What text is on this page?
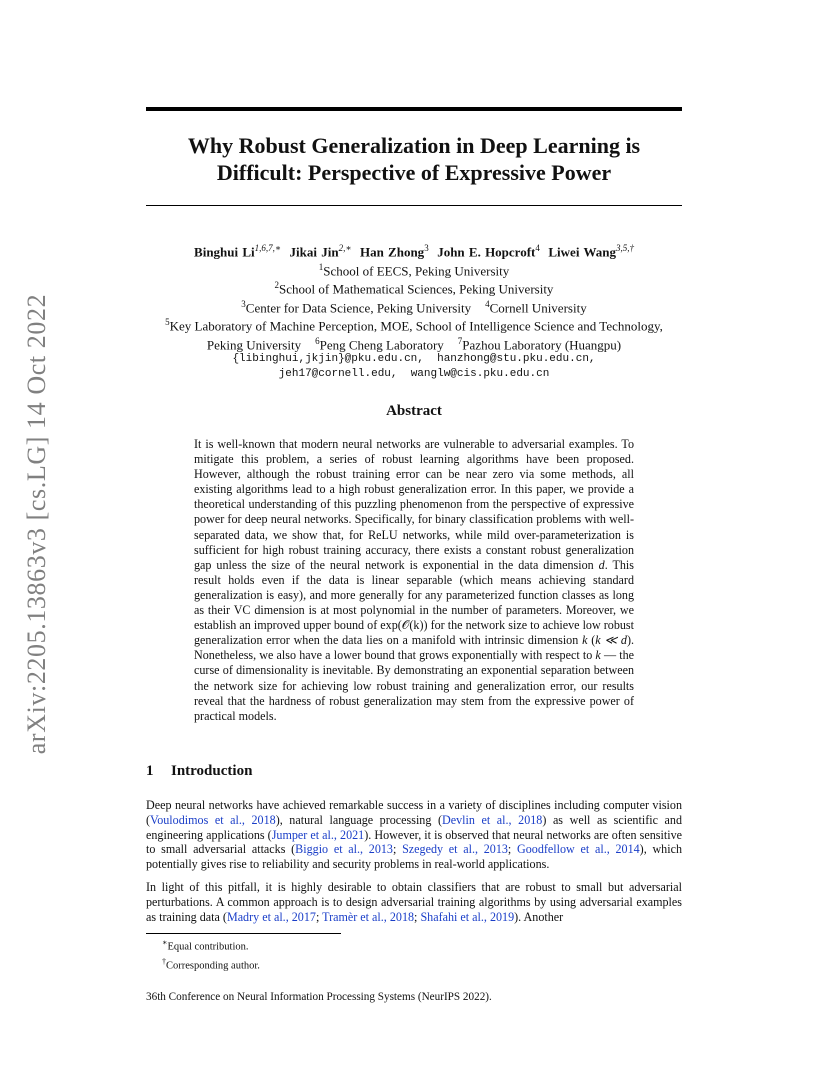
arXiv:2205.13863v3 [cs.LG] 14 Oct 2022
Why Robust Generalization in Deep Learning is
Difficult: Perspective of Expressive Power
Binghui $Li^{1,6,7,∗}$ Jikai Jin$^{2,∗}$ Han Zhong$^3$ John E. Hopcroft$^4$ Liwei Wang$^{3,5,\dagger}$
$^1$School of EECS, Peking University
$^2$School of Mathematical Sciences, Peking University
$^3$Center for Data Science, Peking University $^4$Cornell University
$^5$Key Laboratory of Machine Perception, MOE, School of Intelligence Science and Technology,
Peking University $^6$Peng Cheng Laboratory $^7$Pazhou Laboratory (Huangpu)
{libinghui,jkjin}@pku.edu.cn, hanzhong@stu.pku.edu.cn,
jeh17@cornell.edu, wanglw@cis.pku.edu.cn
Abstract

It is well-known that modern neural networks are vulnerable to adversarial examples. To mitigate this problem, a series of robust learning algorithms have been proposed. However, although the robust training error can be near zero via some methods, all existing algorithms lead to a high robust generalization error. In this paper, we provide a theoretical understanding of this puzzling phenomenon from the perspective of expressive power for deep neural networks. Specifically, for binary classification problems with well-separated data, we show that, for ReLU networks, while mild over-parameterization is sufficient for high robust training accuracy, there exists a constant robust generalization gap unless the size of the neural network is exponential in the data dimension d. This result holds even if the data is linear separable (which means achieving standard generalization is easy), and more generally for any parameterized function classes as long as their VC dimension is at most polynomial in the number of parameters. Moreover, we establish an improved upper bound of exp(𝒪(k)) for the network size to achieve low robust generalization error when the data lies on a manifold with intrinsic dimension k (k ≪ d). Nonetheless, we also have a lower bound that grows exponentially with respect to k — the curse of dimensionality is inevitable. By demonstrating an exponential separation between the network size for achieving low robust training and generalization error, our results reveal that the hardness of robust generalization may stem from the expressive power of practical models.

1 Introduction

Deep neural networks have achieved remarkable success in a variety of disciplines including computer vision (Voulodimos et al., 2018), natural language processing (Devlin et al., 2018) as well as scientific and engineering applications (Jumper et al., 2021). However, it is observed that neural networks are often sensitive to small adversarial attacks (Biggio et al., 2013; Szegedy et al., 2013; Goodfellow et al., 2014), which potentially gives rise to reliability and security problems in real-world applications.

In light of this pitfall, it is highly desirable to obtain classifiers that are robust to small but adversarial perturbations. A common approach is to design adversarial training algorithms by using adversarial examples as training data (Madry et al., 2017; Tramèr et al., 2018; Shafahi et al., 2019). Another

∗Equal contribution.
†Corresponding author.
36th Conference on Neural Information Processing Systems (NeurIPS 2022).
